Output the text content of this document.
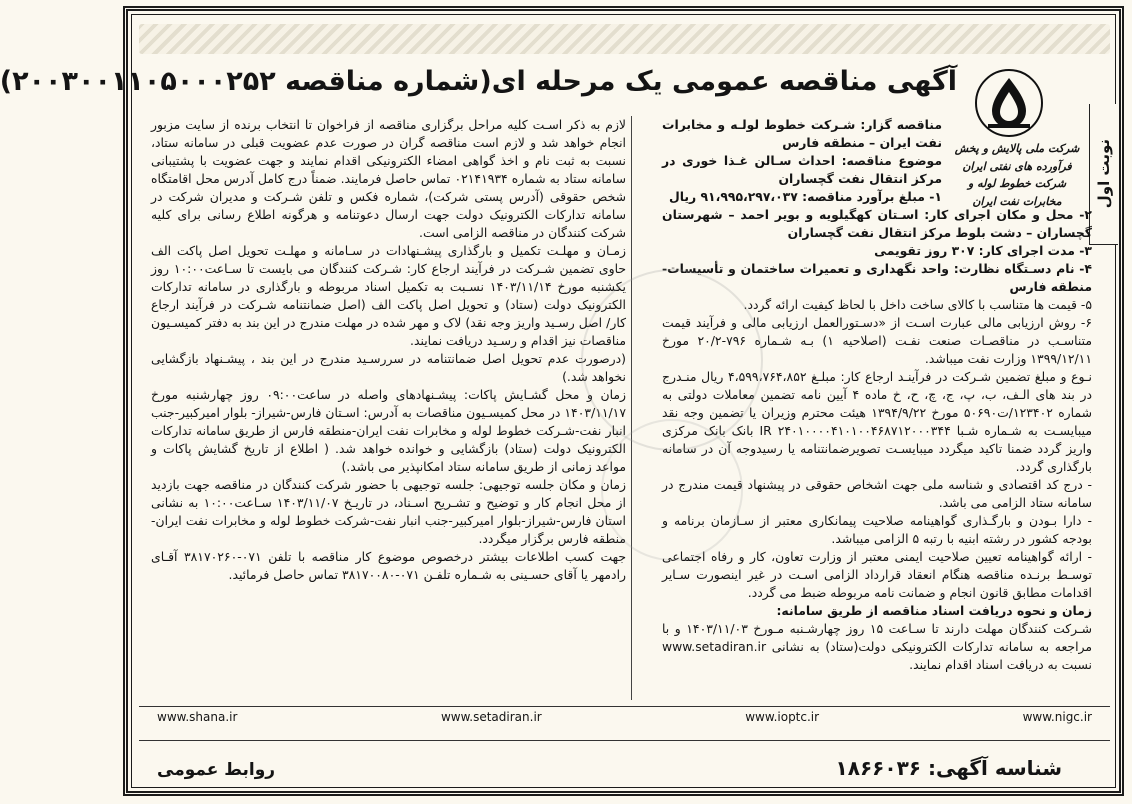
نوبت اول
شرکت ملی پالایش و پخش فرآورده های نفتی ایران
شرکت خطوط لوله و مخابرات نفت ایران
آگهی مناقصه عمومی یک مرحله ای(شماره مناقصه ۲۰۰۳۰۰۱۱۰۵۰۰۰۲۵۲)

مناقصه گزار: شـرکت خطوط لولـه و مخابرات نفت ایران – منطقه فارس

موضوع مناقصه: احداث سـالن غـذا خوری در مرکز انتقال نفت گچساران

۱- مبلغ برآورد مناقصه: ۹۱،۹۹۵،۲۹۷،۰۳۷ ریال

۲- محل و مکان اجرای کار: اسـتان کهگیلویه و بویر احمد – شهرستان گچساران – دشت بلوط مرکز انتقال نفت گچساران

۳- مدت اجرای کار: ۳۰۷ روز تقویمی

۴- نام دسـتگاه نظارت: واحد نگهداری و تعمیرات ساختمان و تأسیسات- منطقه فارس

۵- قیمت ها متناسب با کالای ساخت داخل با لحاظ کیفیت ارائه گردد.

۶- روش ارزیابی مالی عبارت اسـت از «دسـتورالعمل ارزیابی مالی و فرآیند قیمت متناسـب در مناقصـات صنعت نفـت (اصلاحیه ۱) بـه شـماره ۷۹۶-۲۰/۲ مورخ ۱۳۹۹/۱۲/۱۱ وزارت نفت میباشد.

نـوع و مبلغ تضمین شـرکت در فرآینـد ارجاع کار: مبلـغ ۴،۵۹۹،۷۶۴،۸۵۲ ریال منـدرج در بند های الـف، ب، پ، ج، چ، ح، خ ماده ۴ آیین نامه تضمین معاملات دولتی به شماره ۱۲۳۴۰۲/ت۵۰۶۹۰ مورخ ۱۳۹۴/۹/۲۲ هیئت محترم وزیران یا تضمین وجه نقد میبایسـت به شـماره شـبا IR ۲۴۰۱۰۰۰۰۴۱۰۱۰۰۴۶۸۷۱۲۰۰۰۳۴۴ بانک بانک مرکزی واریز گردد ضمنا تاکید میگردد میبایسـت تصویرضمانتنامه یا رسیدوجه آن در سامانه بارگذاری گردد.

- درج کد اقتصادی و شناسه ملی جهت اشخاص حقوقی در پیشنهاد قیمت مندرج در سامانه ستاد الزامی می باشد.

- دارا بـودن و بارگـذاری گواهینامه صلاحیت پیمانکاری معتبر از سـازمان برنامه و بودجه کشور در رشته ابنیه با رتبه ۵ الزامی میباشد.

- ارائه گواهینامه تعیین صلاحیت ایمنی معتبر از وزارت تعاون، کار و رفاه اجتماعی توسـط برنـده مناقصه هنگام انعقاد قرارداد الزامی اسـت در غیر اینصورت سـایر اقدامات مطابق قانون انجام و ضمانت نامه مربوطه ضبط می گردد.

زمان و نحوه دریافت اسناد مناقصه از طریق سامانه:

شـرکت کنندگان مهلت دارند تا سـاعت ۱۵ روز چهارشـنبه مـورخ ۱۴۰۳/۱۱/۰۳ و با مراجعه به سامانه تدارکات الکترونیکی دولت(ستاد) به نشانی www.setadiran.ir نسبت به دریافت اسناد اقدام نمایند.

لازم به ذکر اسـت کلیه مراحل برگزاری مناقصه از فراخوان تا انتخاب برنده از سایت مزبور انجام خواهد شد و لازم است مناقصه گران در صورت عدم عضویت قبلی در سامانه ستاد، نسبت به ثبت نام و اخذ گواهی امضاء الکترونیکی اقدام نمایند و جهت عضویت با پشتیبانی سامانه ستاد به شماره ۰۲۱۴۱۹۳۴ تماس حاصل فرمایند. ضمناً درج کامل آدرس محل اقامتگاه شخص حقوقی (آدرس پستی شرکت)، شماره فکس و تلفن شـرکت و مدیران شرکت در سامانه تدارکات الکترونیک دولت جهت ارسال دعوتنامه و هرگونه اطلاع رسانی برای کلیه شرکت کنندگان در مناقصه الزامی است.

زمـان و مهلـت تکمیل و بارگذاری پیشـنهادات در سـامانه و مهلـت تحویل اصل پاکت الف حاوی تضمین شـرکت در فرآیند ارجاع کار: شـرکت کنندگان می بایست تا سـاعت۱۰:۰۰ روز یکشنبه مورخ ۱۴۰۳/۱۱/۱۴ نسـبت به تکمیل اسناد مربوطه و بارگذاری در سامانه تدارکات الکترونیک دولت (ستاد) و تحویل اصل پاکت الف (اصل ضمانتنامه شـرکت در فرآیند ارجاع کار/ اصل رسـید واریز وجه نقد) لاک و مهر شده در مهلت مندرج در این بند به دفتر کمیسـیون مناقصات نیز اقدام و رسـید دریافت نمایند.

(درصورت عدم تحویل اصل ضمانتنامه در سررسـید مندرج در این بند ، پیشـنهاد بازگشایی نخواهد شد.)

زمان و محل گشـایش پاکات: پیشـنهادهای واصله در ساعت۰۹:۰۰ روز چهارشنبه مورخ ۱۴۰۳/۱۱/۱۷ در محل کمیسـیون مناقصات به آدرس: اسـتان فارس-شیراز- بلوار امیرکبیر-جنب انبار نفت-شـرکت خطوط لوله و مخابرات نفت ایران-منطقه فارس از طریق سامانه تدارکات الکترونیک دولت (ستاد) بازگشایی و خوانده خواهد شد. ( اطلاع از تاریخ گشایش پاکات و مواعد زمانی از طریق سامانه ستاد امکانپذیر می باشد.)

زمان و مکان جلسه توجیهی: جلسه توجیهی با حضور شرکت کنندگان در مناقصه جهت بازدید از محل انجام کار و توضیح و تشـریح اسـناد، در تاریـخ ۱۴۰۳/۱۱/۰۷ سـاعت۱۰:۰۰ به نشانی استان فارس-شیراز-بلوار امیرکبیر-جنب انبار نفت-شرکت خطوط لوله و مخابرات نفت ایران-منطقه فارس برگزار میگردد.

جهت کسب اطلاعات بیشتر درخصوص موضوع کار مناقصه با تلفن ۰۷۱-۳۸۱۷۰۲۶۰ آقـای رادمهر یا آقای حسـینی به شـماره تلفـن ۰۷۱-۳۸۱۷۰۰۸۰ تماس حاصل فرمائید.

www.shana.ir	www.setadiran.ir	www.ioptc.ir	www.nigc.ir
شناسه آگهی: ۱۸۶۶۰۳۶
روابط عمومی
